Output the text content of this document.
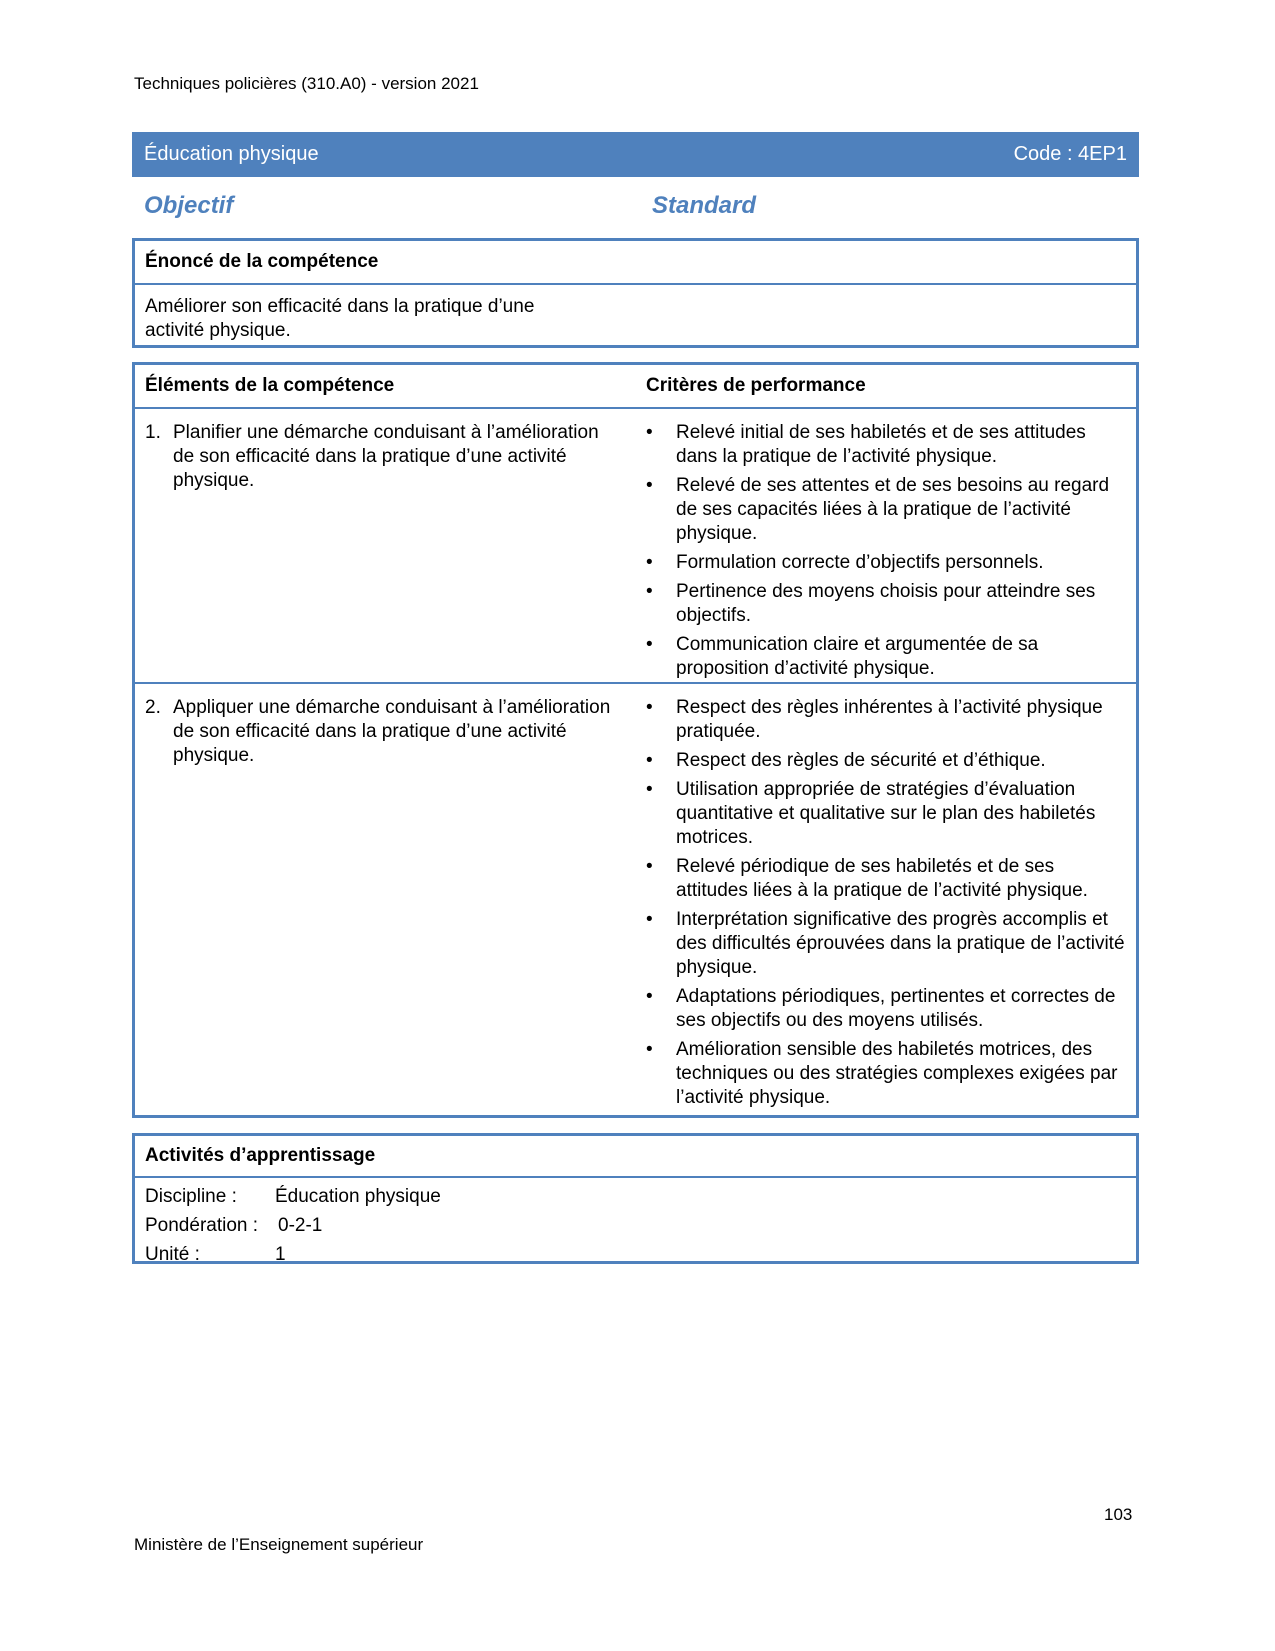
Techniques policières (310.A0) - version 2021
Éducation physique	Code : 4EP1
Objectif	Standard
Énoncé de la compétence
Améliorer son efficacité dans la pratique d’une activité physique.
Éléments de la compétence	Critères de performance
1. Planifier une démarche conduisant à l’amélioration de son efficacité dans la pratique d’une activité physique.
• Relevé initial de ses habiletés et de ses attitudes dans la pratique de l’activité physique.
• Relevé de ses attentes et de ses besoins au regard de ses capacités liées à la pratique de l’activité physique.
• Formulation correcte d’objectifs personnels.
• Pertinence des moyens choisis pour atteindre ses objectifs.
• Communication claire et argumentée de sa proposition d’activité physique.
2. Appliquer une démarche conduisant à l’amélioration de son efficacité dans la pratique d’une activité physique.
• Respect des règles inhérentes à l’activité physique pratiquée.
• Respect des règles de sécurité et d’éthique.
• Utilisation appropriée de stratégies d’évaluation quantitative et qualitative sur le plan des habiletés motrices.
• Relevé périodique de ses habiletés et de ses attitudes liées à la pratique de l’activité physique.
• Interprétation significative des progrès accomplis et des difficultés éprouvées dans la pratique de l’activité physique.
• Adaptations périodiques, pertinentes et correctes de ses objectifs ou des moyens utilisés.
• Amélioration sensible des habiletés motrices, des techniques ou des stratégies complexes exigées par l’activité physique.
Activités d’apprentissage
Discipline :	Éducation physique
Pondération :	0-2-1
Unité :	1
103
Ministère de l’Enseignement supérieur
